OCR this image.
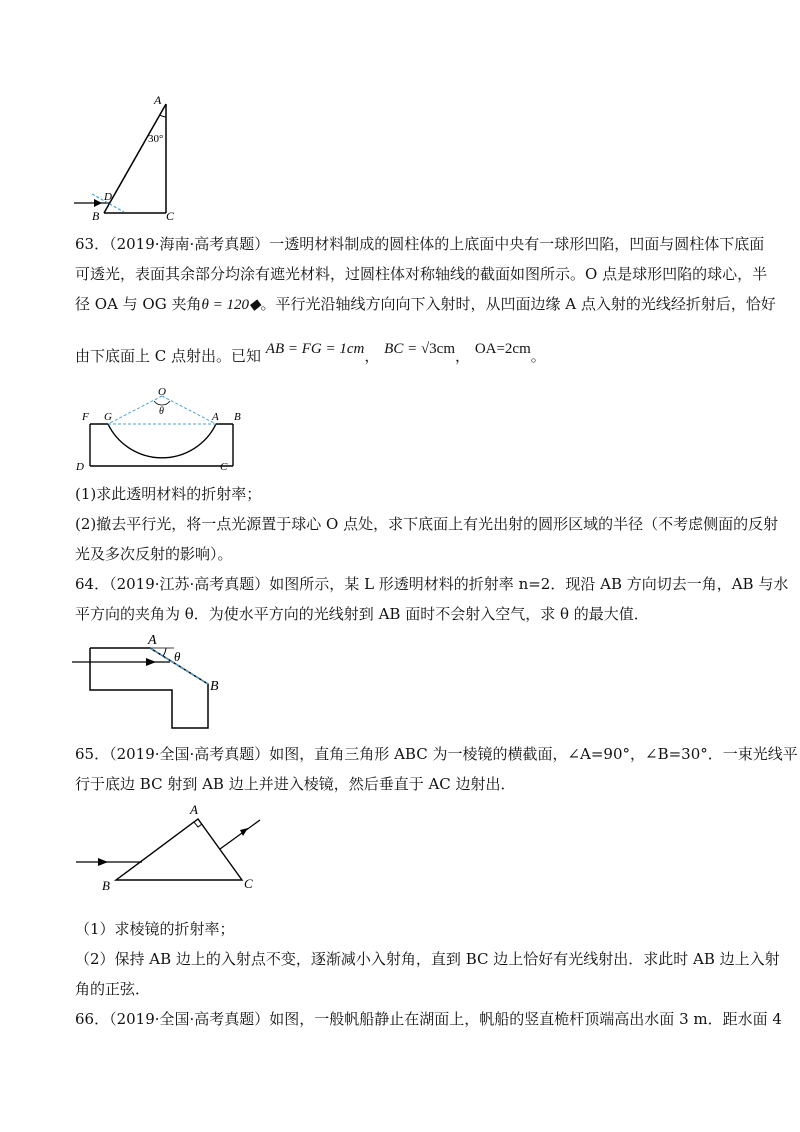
A
30°
D
B	C
63．（2019·海南·高考真题）一透明材料制成的圆柱体的上底面中央有一球形凹陷，凹面与圆柱体下底面
可透光，表面其余部分均涂有遮光材料，过圆柱体对称轴线的截面如图所示。O 点是球形凹陷的球心，半
径 OA 与 OG 夹角θ = 120◆。平行光沿轴线方向向下入射时，从凹面边缘 A 点入射的光线经折射后，恰好
由下底面上 C 点射出。已知 AB = FG = 1cm， BC = √3cm， OA=2cm。
O
θ
F G	A B
D	C
(1)求此透明材料的折射率；
(2)撤去平行光，将一点光源置于球心 O 点处，求下底面上有光出射的圆形区域的半径（不考虑侧面的反射
光及多次反射的影响）。
64．（2019·江苏·高考真题）如图所示，某 L 形透明材料的折射率 n=2．现沿 AB 方向切去一角，AB 与水
平方向的夹角为 θ．为使水平方向的光线射到 AB 面时不会射入空气，求 θ 的最大值．
A
θ
B
65．（2019·全国·高考真题）如图，直角三角形 ABC 为一棱镜的横截面，∠A=90°，∠B=30°．一束光线平
行于底边 BC 射到 AB 边上并进入棱镜，然后垂直于 AC 边射出．
A
B	C
（1）求棱镜的折射率；
（2）保持 AB 边上的入射点不变，逐渐减小入射角，直到 BC 边上恰好有光线射出．求此时 AB 边上入射
角的正弦．
66．（2019·全国·高考真题）如图，一般帆船静止在湖面上，帆船的竖直桅杆顶端高出水面 3 m．距水面 4
